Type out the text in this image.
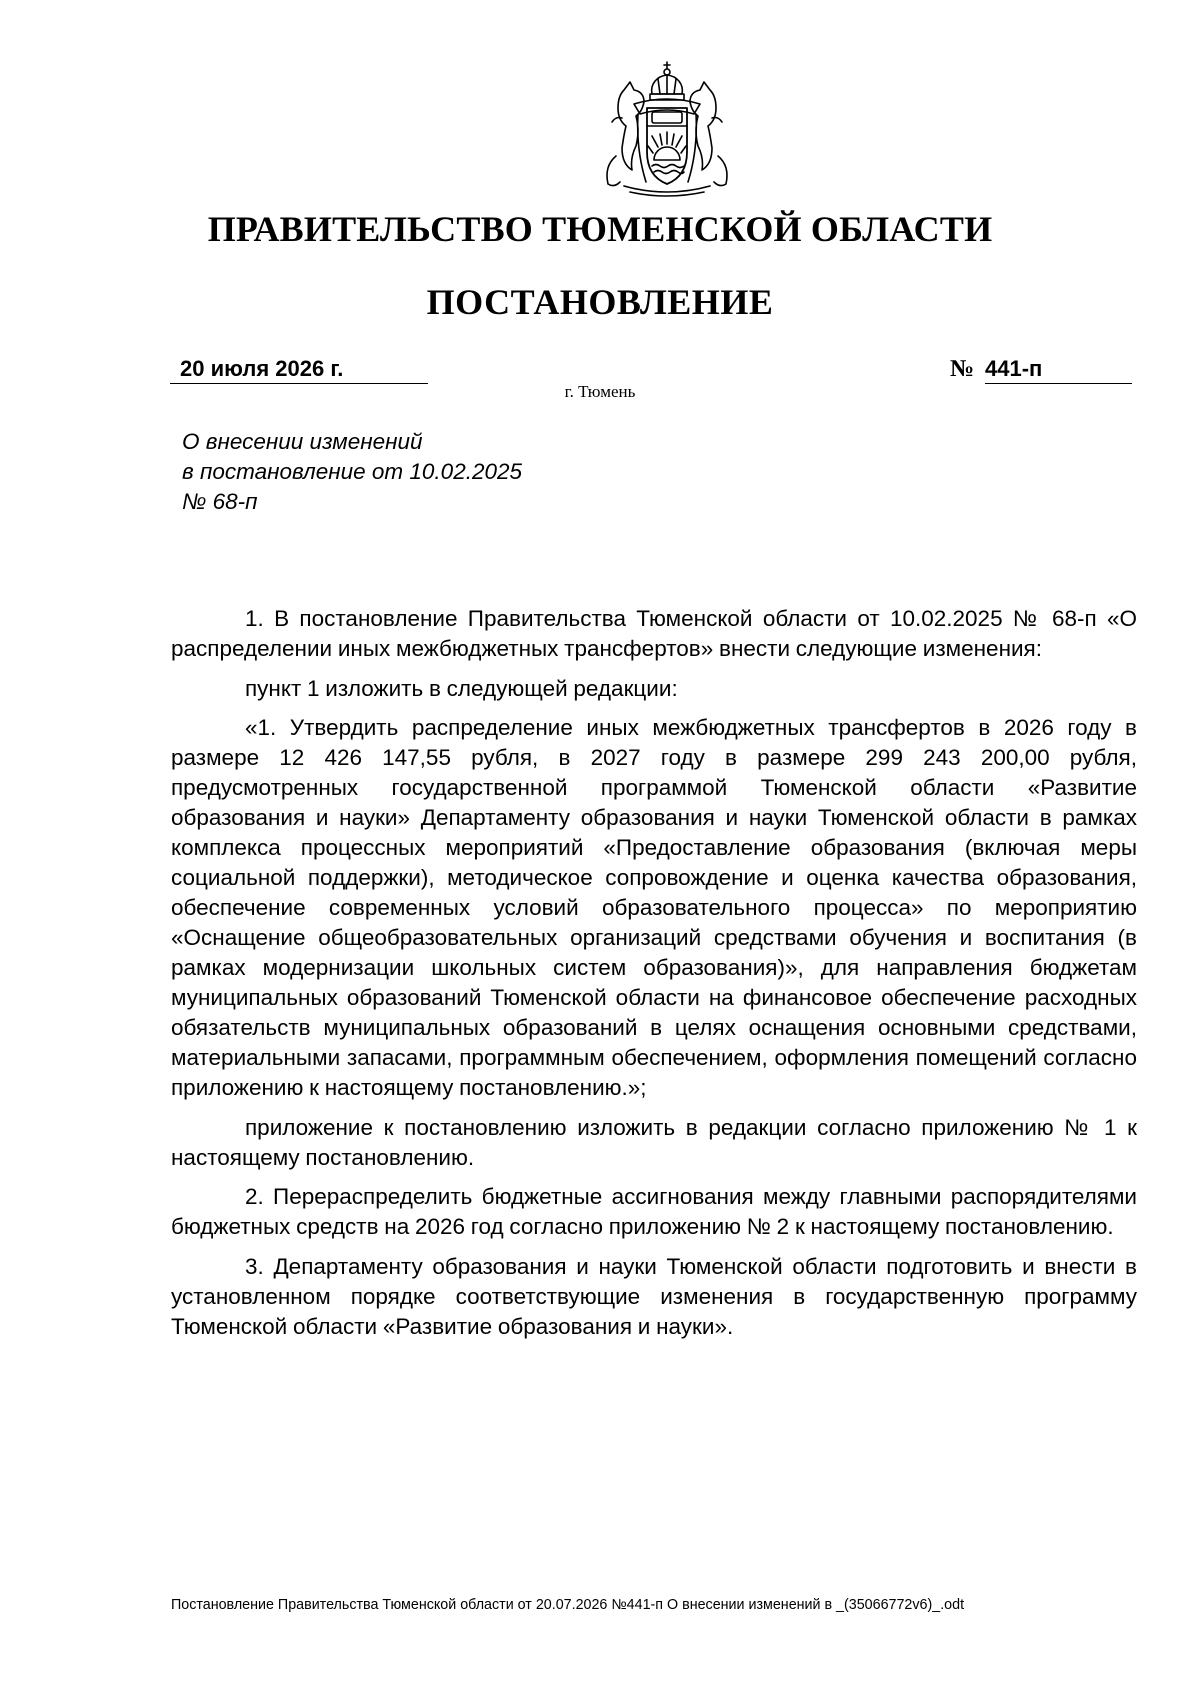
ПРАВИТЕЛЬСТВО ТЮМЕНСКОЙ ОБЛАСТИ
ПОСТАНОВЛЕНИЕ
20 июля 2026 г.	№ 441-п

г. Тюмень

О внесении изменений
в постановление от 10.02.2025
№ 68-п

1. В постановление Правительства Тюменской области от 10.02.2025 № 68-п «О распределении иных межбюджетных трансфертов» внести следующие изменения:

пункт 1 изложить в следующей редакции:

«1. Утвердить распределение иных межбюджетных трансфертов в 2026 году в размере 12 426 147,55 рубля, в 2027 году в размере 299 243 200,00 рубля, предусмотренных государственной программой Тюменской области «Развитие образования и науки» Департаменту образования и науки Тюменской области в рамках комплекса процессных мероприятий «Предоставление образования (включая меры социальной поддержки), методическое сопровождение и оценка качества образования, обеспечение современных условий образовательного процесса» по мероприятию «Оснащение общеобразовательных организаций средствами обучения и воспитания (в рамках модернизации школьных систем образования)», для направления бюджетам муниципальных образований Тюменской области на финансовое обеспечение расходных обязательств муниципальных образований в целях оснащения основными средствами, материальными запасами, программным обеспечением, оформления помещений согласно приложению к настоящему постановлению.»;

приложение к постановлению изложить в редакции согласно приложению № 1 к настоящему постановлению.

2. Перераспределить бюджетные ассигнования между главными распорядителями бюджетных средств на 2026 год согласно приложению № 2 к настоящему постановлению.

3. Департаменту образования и науки Тюменской области подготовить и внести в установленном порядке соответствующие изменения в государственную программу Тюменской области «Развитие образования и науки».

Постановление Правительства Тюменской области от 20.07.2026 №441-п О внесении изменений в _(35066772v6)_.odt
